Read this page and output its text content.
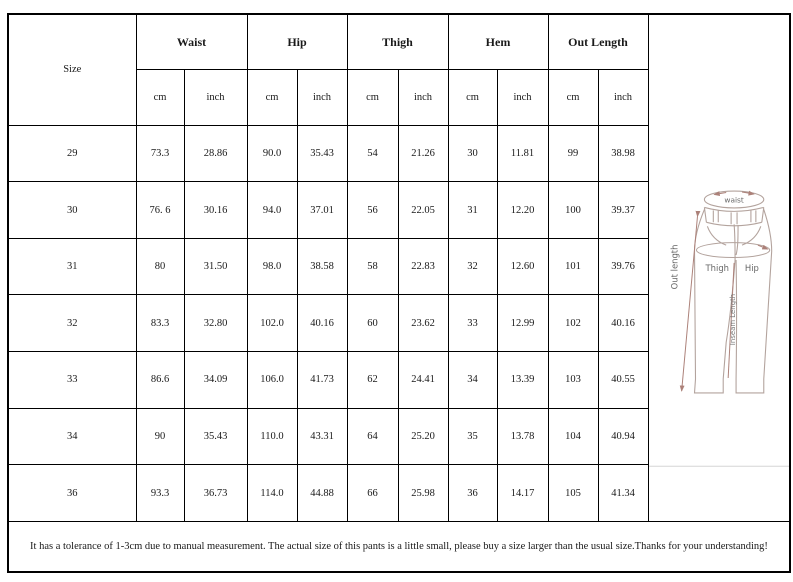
Size	Waist		Hip		Thigh		Hem		Out Length		waist
Thigh Hip
Out length
Inseam Length

	cm	inch	cm	inch	cm	inch	cm	inch	cm	inch	
29	73.3	28.86	90.0	35.43	54	21.26	30	11.81	99	38.98	
30	76. 6	30.16	94.0	37.01	56	22.05	31	12.20	100	39.37	
31	80	31.50	98.0	38.58	58	22.83	32	12.60	101	39.76	
32	83.3	32.80	102.0	40.16	60	23.62	33	12.99	102	40.16	
33	86.6	34.09	106.0	41.73	62	24.41	34	13.39	103	40.55	
34	90	35.43	110.0	43.31	64	25.20	35	13.78	104	40.94	
36	93.3	36.73	114.0	44.88	66	25.98	36	14.17	105	41.34	
It has a tolerance of 1-3cm due to manual measurement. The actual size of this pants is a little small, please buy a size larger than the usual size.Thanks for your understanding!											
